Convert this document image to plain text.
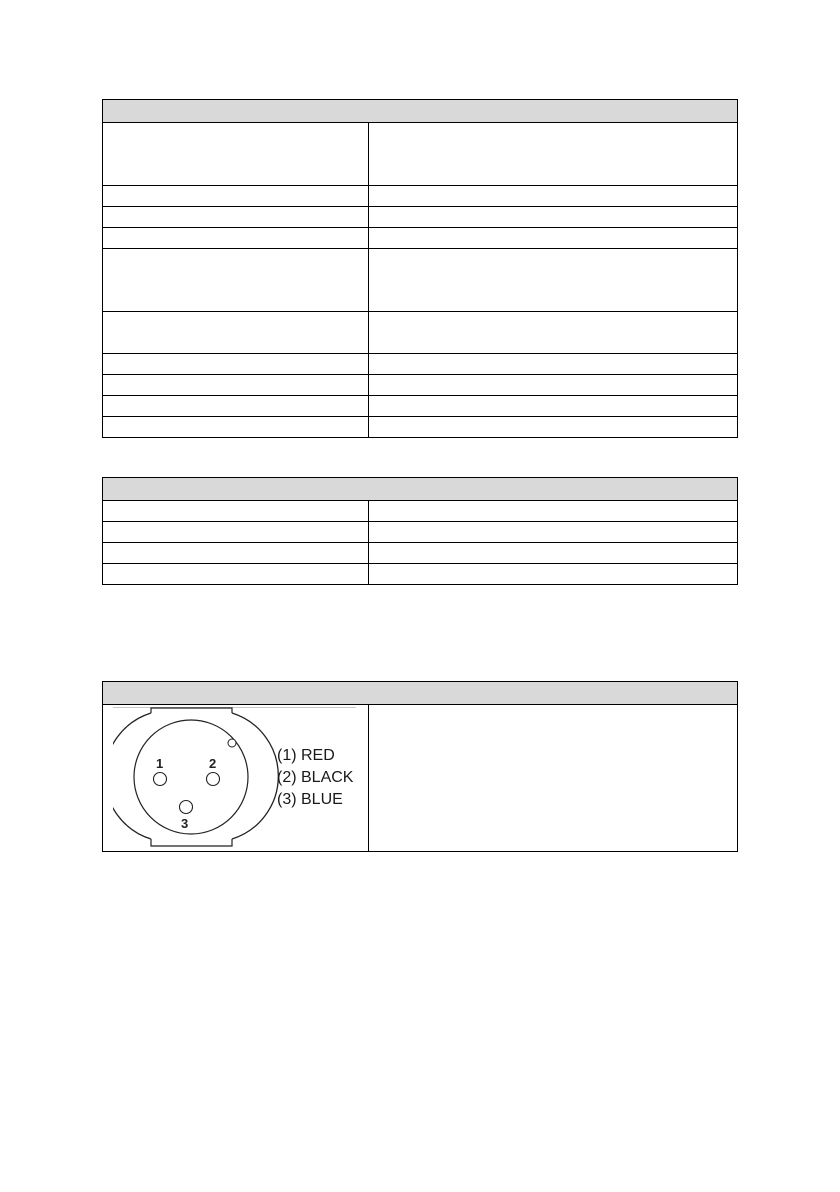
1	2
3
(1) RED
(2) BLACK
(3) BLUE
